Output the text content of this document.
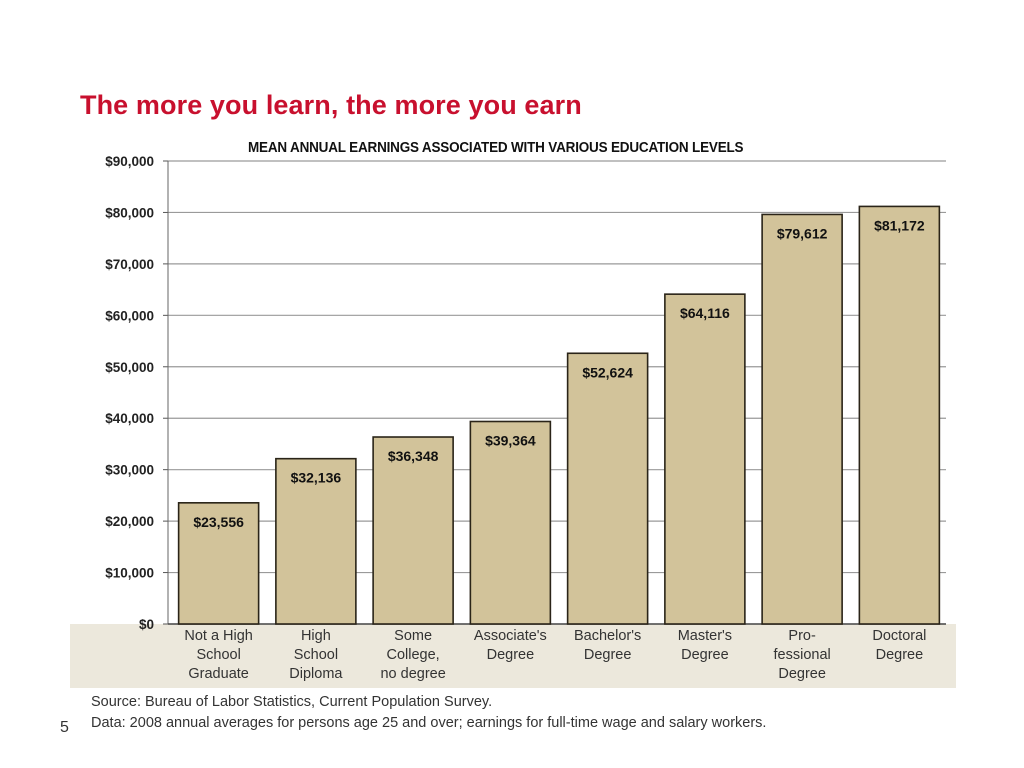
The more you learn, the more you earn
MEAN ANNUAL EARNINGS ASSOCIATED WITH VARIOUS EDUCATION LEVELS
$0
$10,000
$20,000
$30,000
$40,000
$50,000
$60,000
$70,000
$80,000
$90,000
$23,556
$32,136
$36,348
$39,364
$52,624
$64,116
$79,612
$81,172
Not a High
School
Graduate
High
School
Diploma
Some
College,
no degree
Associate's
Degree
Bachelor's
Degree
Master's
Degree
Pro-
fessional
Degree
Doctoral
Degree
Source: Bureau of Labor Statistics, Current Population Survey.
Data: 2008 annual averages for persons age 25 and over; earnings for full-time wage and salary workers.
5
